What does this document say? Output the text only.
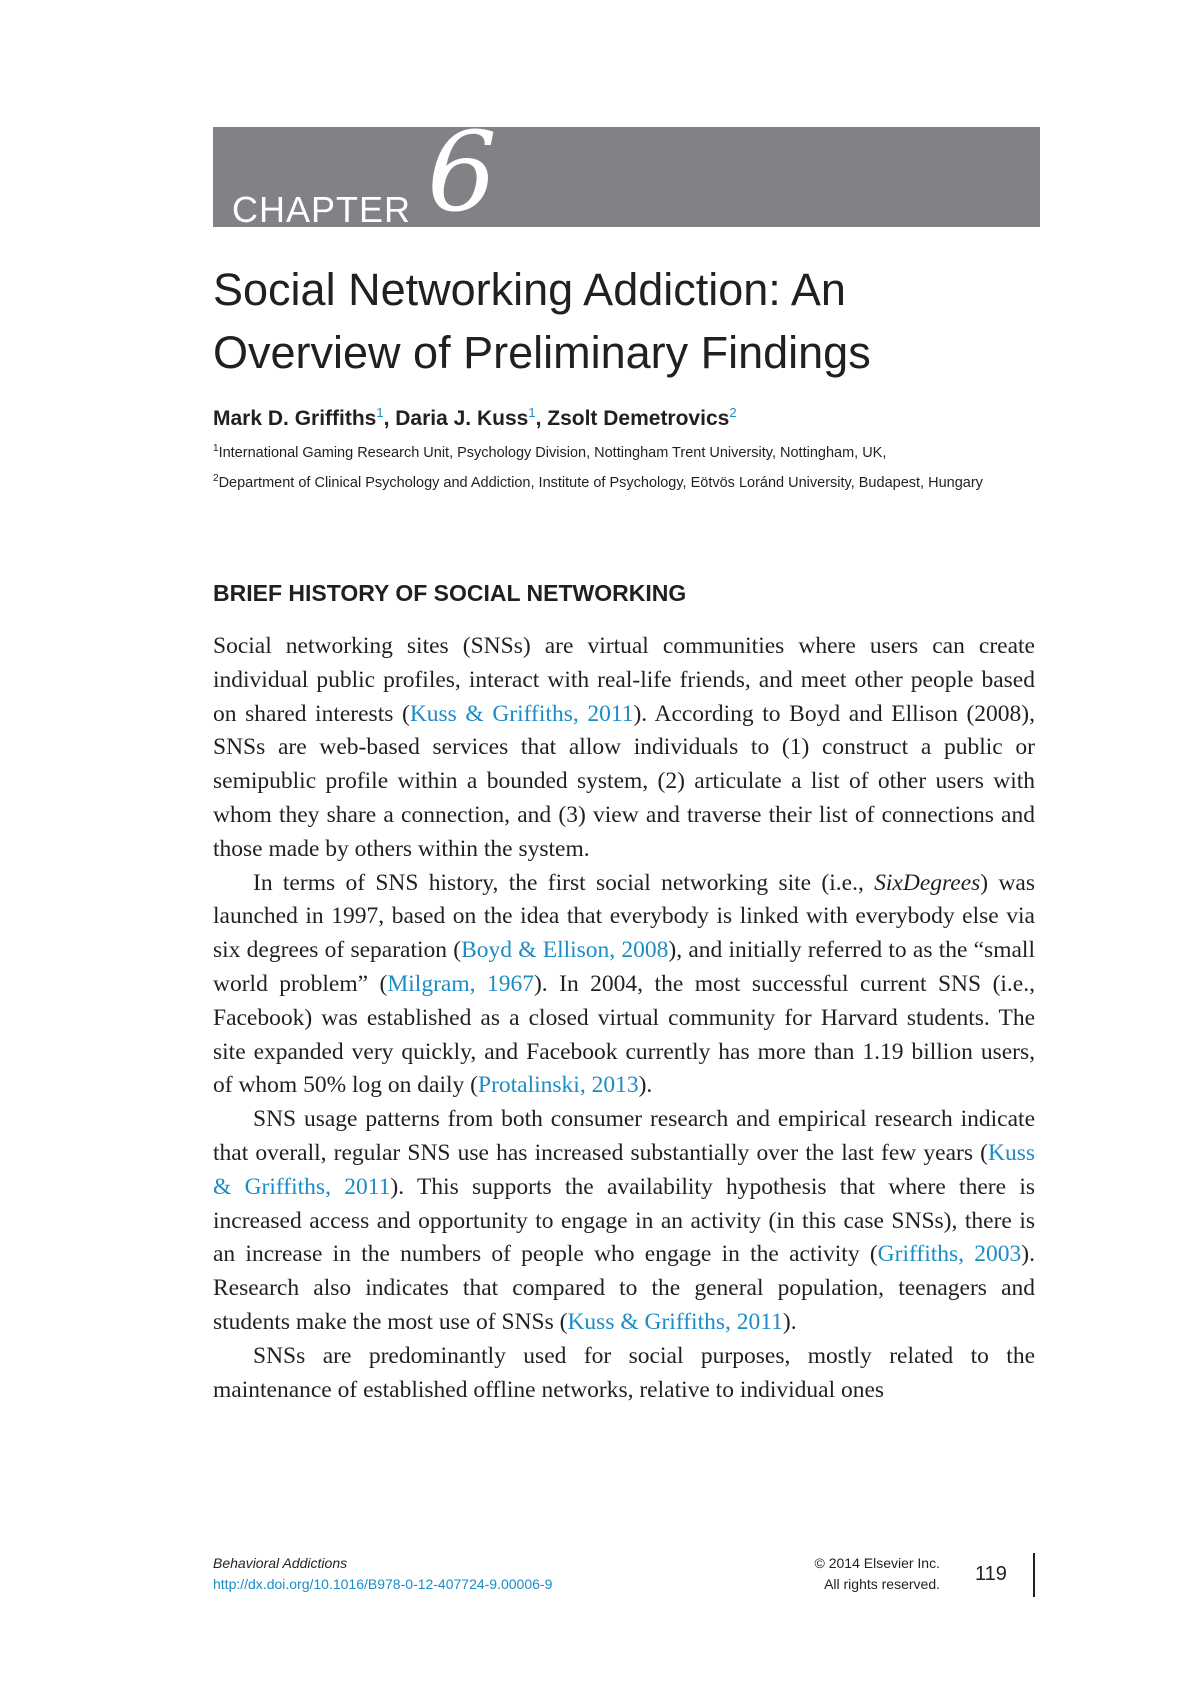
CHAPTER 6
Social Networking Addiction: An
Overview of Preliminary Findings

Mark D. Griffiths$^1$, Daria J. Kuss$^1$, Zsolt Demetrovics$^2$

$^1$International Gaming Research Unit, Psychology Division, Nottingham Trent University, Nottingham, UK,
$^2$Department of Clinical Psychology and Addiction, Institute of Psychology, Eötvös Loránd University, Budapest, Hungary

BRIEF HISTORY OF SOCIAL NETWORKING

Social networking sites (SNSs) are virtual communities where users can create individual public profiles, interact with real-life friends, and meet other people based on shared interests (Kuss & Griffiths, 2011). According to Boyd and Ellison (2008), SNSs are web-based services that allow individuals to (1) construct a public or semipublic profile within a bounded system, (2) articulate a list of other users with whom they share a connection, and (3) view and traverse their list of connections and those made by others within the system.

In terms of SNS history, the first social networking site (i.e., SixDegrees) was launched in 1997, based on the idea that everybody is linked with everybody else via six degrees of separation (Boyd & Ellison, 2008), and initially referred to as the “small world problem” (Milgram, 1967). In 2004, the most successful current SNS (i.e., Facebook) was established as a closed virtual community for Harvard students. The site expanded very quickly, and Facebook currently has more than 1.19 billion users, of whom 50% log on daily (Protalinski, 2013).

SNS usage patterns from both consumer research and empirical research indicate that overall, regular SNS use has increased substantially over the last few years (Kuss & Griffiths, 2011). This supports the availability hypothesis that where there is increased access and opportunity to engage in an activity (in this case SNSs), there is an increase in the numbers of people who engage in the activity (Griffiths, 2003). Research also indicates that compared to the general population, teenagers and students make the most use of SNSs (Kuss & Griffiths, 2011).

SNSs are predominantly used for social purposes, mostly related to the maintenance of established offline networks, relative to individual ones

Behavioral Addictions
http://dx.doi.org/10.1016/B978-0-12-407724-9.00006-9
© 2014 Elsevier Inc.
All rights reserved. 119
